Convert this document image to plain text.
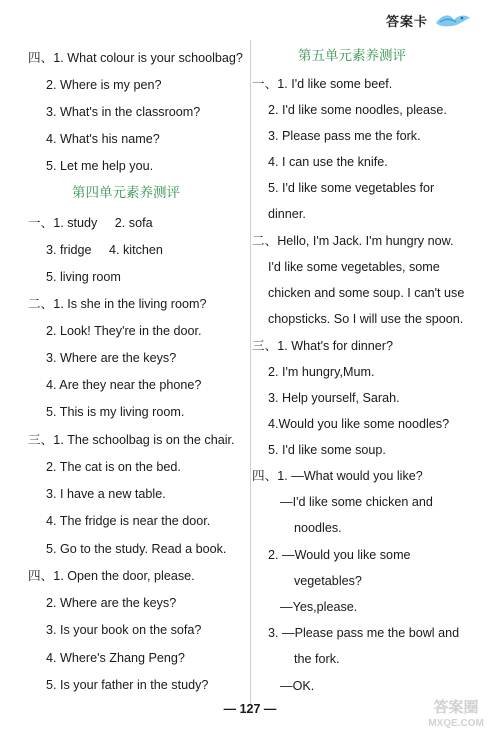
答案卡
四、1. What colour is your schoolbag?
2. Where is my pen?
3. What's in the classroom?
4. What's his name?
5. Let me help you.
第四单元素养测评
一、1. study     2. sofa
3. fridge     4. kitchen
5. living room
二、1. Is she in the living room?
2. Look! They're in the door.
3. Where are the keys?
4. Are they near the phone?
5. This is my living room.
三、1. The schoolbag is on the chair.
2. The cat is on the bed.
3. I have a new table.
4. The fridge is near the door.
5. Go to the study. Read a book.
四、1. Open the door, please.
2. Where are the keys?
3. Is your book on the sofa?
4. Where's Zhang Peng?
5. Is your father in the study?
第五单元素养测评
一、1. I'd like some beef.
2. I'd like some noodles, please.
3. Please pass me the fork.
4. I can use the knife.
5. I'd like some vegetables for
dinner.
二、Hello, I'm Jack. I'm hungry now.
I'd like some vegetables, some
chicken and some soup. I can't use
chopsticks. So I will use the spoon.
三、1. What's for dinner?
2. I'm hungry,Mum.
3. Help yourself, Sarah.
4.Would you like some noodles?
5. I'd like some soup.
四、1. —What would you like?
—I'd like some chicken and
noodles.
2. —Would you like some
vegetables?
—Yes,please.
3. —Please pass me the bowl and
the fork.
—OK.
— 127 —	答案圈
MXQE.COM
